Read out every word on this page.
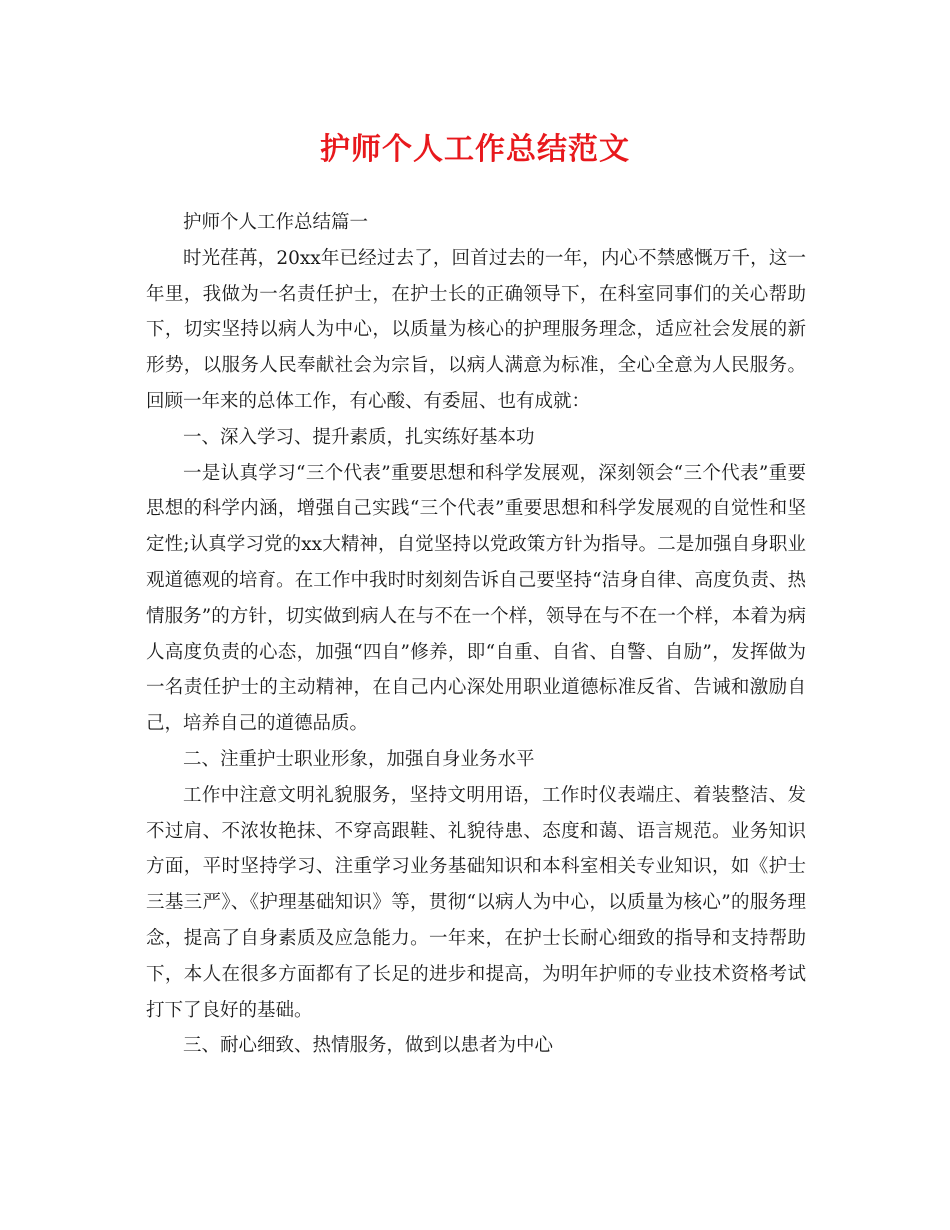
护师个人工作总结范文

护师个人工作总结篇一

时光荏苒，20xx年已经过去了，回首过去的一年，内心不禁感慨万千，这一年里，我做为一名责任护士，在护士长的正确领导下，在科室同事们的关心帮助下，切实坚持以病人为中心，以质量为核心的护理服务理念，适应社会发展的新形势，以服务人民奉献社会为宗旨，以病人满意为标准，全心全意为人民服务。回顾一年来的总体工作，有心酸、有委屈、也有成就：

一、深入学习、提升素质，扎实练好基本功

一是认真学习“三个代表”重要思想和科学发展观，深刻领会“三个代表”重要思想的科学内涵，增强自己实践“三个代表”重要思想和科学发展观的自觉性和坚定性;认真学习党的xx大精神，自觉坚持以党政策方针为指导。二是加强自身职业观道德观的培育。在工作中我时时刻刻告诉自己要坚持“洁身自律、高度负责、热情服务”的方针，切实做到病人在与不在一个样，领导在与不在一个样，本着为病人高度负责的心态，加强“四自”修养，即“自重、自省、自警、自励”，发挥做为一名责任护士的主动精神，在自己内心深处用职业道德标准反省、告诫和激励自己，培养自己的道德品质。

二、注重护士职业形象，加强自身业务水平

工作中注意文明礼貌服务，坚持文明用语，工作时仪表端庄、着装整洁、发不过肩、不浓妆艳抹、不穿高跟鞋、礼貌待患、态度和蔼、语言规范。业务知识方面，平时坚持学习、注重学习业务基础知识和本科室相关专业知识，如《护士三基三严》、《护理基础知识》等，贯彻“以病人为中心，以质量为核心”的服务理念，提高了自身素质及应急能力。一年来，在护士长耐心细致的指导和支持帮助下，本人在很多方面都有了长足的进步和提高，为明年护师的专业技术资格考试打下了良好的基础。

三、耐心细致、热情服务，做到以患者为中心
